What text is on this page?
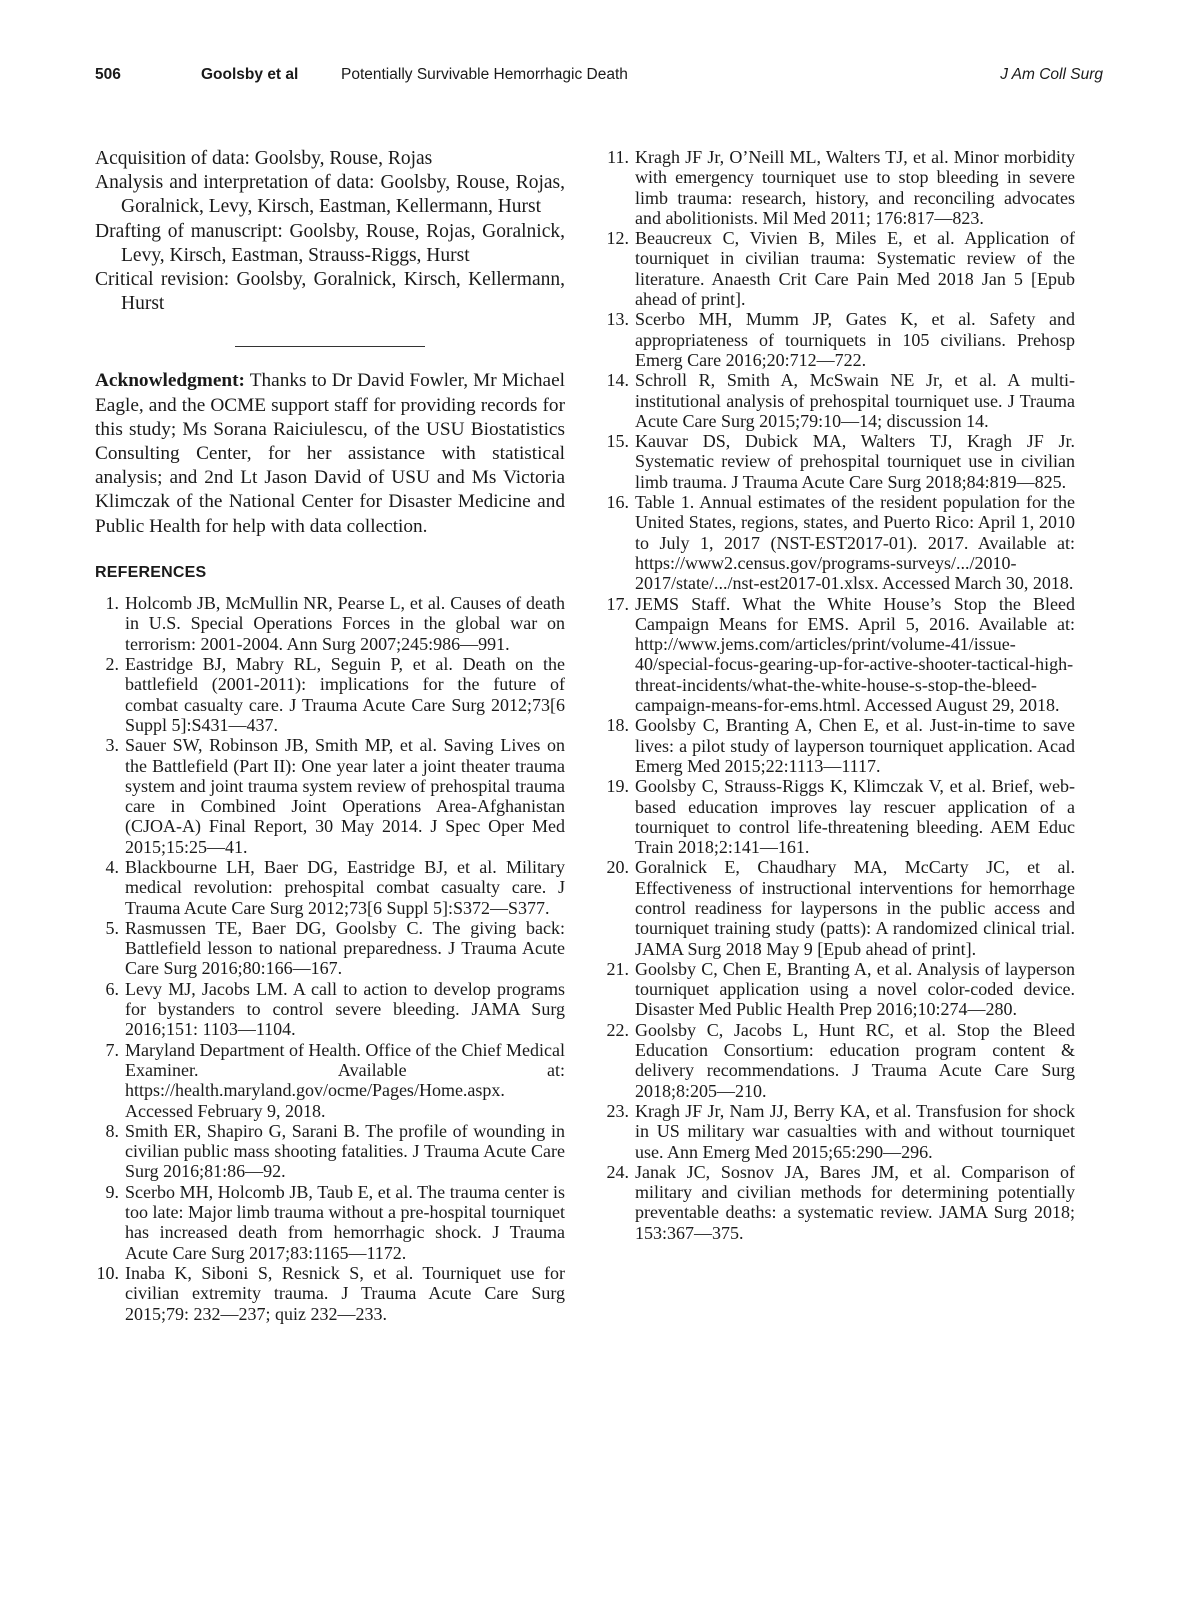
506	Goolsby et al	Potentially Survivable Hemorrhagic Death	J Am Coll Surg

Acquisition of data: Goolsby, Rouse, Rojas

Analysis and interpretation of data: Goolsby, Rouse, Rojas, Goralnick, Levy, Kirsch, Eastman, Kellermann, Hurst

Drafting of manuscript: Goolsby, Rouse, Rojas, Goralnick, Levy, Kirsch, Eastman, Strauss-Riggs, Hurst

Critical revision: Goolsby, Goralnick, Kirsch, Kellermann, Hurst

Acknowledgment: Thanks to Dr David Fowler, Mr Michael Eagle, and the OCME support staff for providing records for this study; Ms Sorana Raiciulescu, of the USU Biostatistics Consulting Center, for her assistance with statistical analysis; and 2nd Lt Jason David of USU and Ms Victoria Klimczak of the National Center for Disaster Medicine and Public Health for help with data collection.

REFERENCES
1. Holcomb JB, McMullin NR, Pearse L, et al. Causes of death in U.S. Special Operations Forces in the global war on terrorism: 2001-2004. Ann Surg 2007;245:986—991.
2. Eastridge BJ, Mabry RL, Seguin P, et al. Death on the battlefield (2001-2011): implications for the future of combat casualty care. J Trauma Acute Care Surg 2012;73[6 Suppl 5]:S431—437.
3. Sauer SW, Robinson JB, Smith MP, et al. Saving Lives on the Battlefield (Part II): One year later a joint theater trauma system and joint trauma system review of prehospital trauma care in Combined Joint Operations Area-Afghanistan (CJOA-A) Final Report, 30 May 2014. J Spec Oper Med 2015;15:25—41.
4. Blackbourne LH, Baer DG, Eastridge BJ, et al. Military medical revolution: prehospital combat casualty care. J Trauma Acute Care Surg 2012;73[6 Suppl 5]:S372—S377.
5. Rasmussen TE, Baer DG, Goolsby C. The giving back: Battlefield lesson to national preparedness. J Trauma Acute Care Surg 2016;80:166—167.
6. Levy MJ, Jacobs LM. A call to action to develop programs for bystanders to control severe bleeding. JAMA Surg 2016;151: 1103—1104.
7. Maryland Department of Health. Office of the Chief Medical Examiner. Available at: https://health.maryland.gov/ocme/Pages/Home.aspx. Accessed February 9, 2018.
8. Smith ER, Shapiro G, Sarani B. The profile of wounding in civilian public mass shooting fatalities. J Trauma Acute Care Surg 2016;81:86—92.
9. Scerbo MH, Holcomb JB, Taub E, et al. The trauma center is too late: Major limb trauma without a pre-hospital tourniquet has increased death from hemorrhagic shock. J Trauma Acute Care Surg 2017;83:1165—1172.
10. Inaba K, Siboni S, Resnick S, et al. Tourniquet use for civilian extremity trauma. J Trauma Acute Care Surg 2015;79: 232—237; quiz 232—233.
11. Kragh JF Jr, O’Neill ML, Walters TJ, et al. Minor morbidity with emergency tourniquet use to stop bleeding in severe limb trauma: research, history, and reconciling advocates and abolitionists. Mil Med 2011; 176:817—823.
12. Beaucreux C, Vivien B, Miles E, et al. Application of tourniquet in civilian trauma: Systematic review of the literature. Anaesth Crit Care Pain Med 2018 Jan 5 [Epub ahead of print].
13. Scerbo MH, Mumm JP, Gates K, et al. Safety and appropriateness of tourniquets in 105 civilians. Prehosp Emerg Care 2016;20:712—722.
14. Schroll R, Smith A, McSwain NE Jr, et al. A multi-institutional analysis of prehospital tourniquet use. J Trauma Acute Care Surg 2015;79:10—14; discussion 14.
15. Kauvar DS, Dubick MA, Walters TJ, Kragh JF Jr. Systematic review of prehospital tourniquet use in civilian limb trauma. J Trauma Acute Care Surg 2018;84:819—825.
16. Table 1. Annual estimates of the resident population for the United States, regions, states, and Puerto Rico: April 1, 2010 to July 1, 2017 (NST-EST2017-01). 2017. Available at: https://www2.census.gov/programs-surveys/.../2010-2017/state/.../nst-est2017-01.xlsx. Accessed March 30, 2018.
17. JEMS Staff. What the White House’s Stop the Bleed Campaign Means for EMS. April 5, 2016. Available at: http://www.jems.com/articles/print/volume-41/issue-40/special-focus-gearing-up-for-active-shooter-tactical-high-threat-incidents/what-the-white-house-s-stop-the-bleed-campaign-means-for-ems.html. Accessed August 29, 2018.
18. Goolsby C, Branting A, Chen E, et al. Just-in-time to save lives: a pilot study of layperson tourniquet application. Acad Emerg Med 2015;22:1113—1117.
19. Goolsby C, Strauss-Riggs K, Klimczak V, et al. Brief, web-based education improves lay rescuer application of a tourniquet to control life-threatening bleeding. AEM Educ Train 2018;2:141—161.
20. Goralnick E, Chaudhary MA, McCarty JC, et al. Effectiveness of instructional interventions for hemorrhage control readiness for laypersons in the public access and tourniquet training study (patts): A randomized clinical trial. JAMA Surg 2018 May 9 [Epub ahead of print].
21. Goolsby C, Chen E, Branting A, et al. Analysis of layperson tourniquet application using a novel color-coded device. Disaster Med Public Health Prep 2016;10:274—280.
22. Goolsby C, Jacobs L, Hunt RC, et al. Stop the Bleed Education Consortium: education program content & delivery recommendations. J Trauma Acute Care Surg 2018;8:205—210.
23. Kragh JF Jr, Nam JJ, Berry KA, et al. Transfusion for shock in US military war casualties with and without tourniquet use. Ann Emerg Med 2015;65:290—296.
24. Janak JC, Sosnov JA, Bares JM, et al. Comparison of military and civilian methods for determining potentially preventable deaths: a systematic review. JAMA Surg 2018; 153:367—375.
